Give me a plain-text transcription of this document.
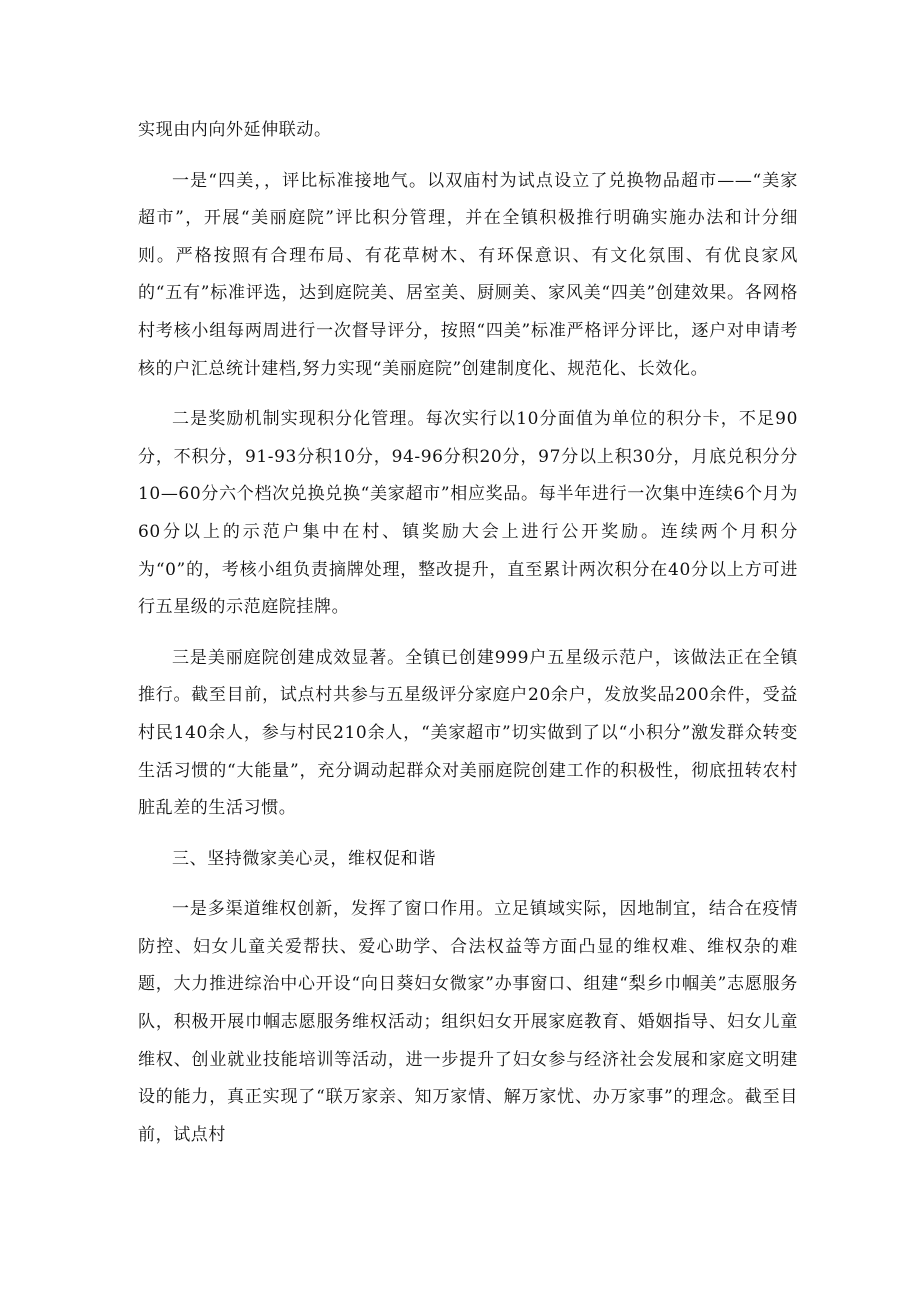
实现由内向外延伸联动。

一是“四美，，评比标准接地气。以双庙村为试点设立了兑换物品超市——“美家超市”，开展“美丽庭院”评比积分管理，并在全镇积极推行明确实施办法和计分细则。严格按照有合理布局、有花草树木、有环保意识、有文化氛围、有优良家风的“五有”标准评选，达到庭院美、居室美、厨厕美、家风美“四美”创建效果。各网格村考核小组每两周进行一次督导评分，按照“四美”标准严格评分评比，逐户对申请考核的户汇总统计建档,努力实现“美丽庭院”创建制度化、规范化、长效化。

二是奖励机制实现积分化管理。每次实行以10分面值为单位的积分卡，不足90分，不积分，91-93分积10分，94-96分积20分，97分以上积30分，月底兑积分分10—60分六个档次兑换兑换“美家超市”相应奖品。每半年进行一次集中连续6个月为60分以上的示范户集中在村、镇奖励大会上进行公开奖励。连续两个月积分为“0”的，考核小组负责摘牌处理，整改提升，直至累计两次积分在40分以上方可进行五星级的示范庭院挂牌。

三是美丽庭院创建成效显著。全镇已创建999户五星级示范户，该做法正在全镇推行。截至目前，试点村共参与五星级评分家庭户20余户，发放奖品200余件，受益村民140余人，参与村民210余人，“美家超市”切实做到了以“小积分”激发群众转变生活习惯的“大能量”，充分调动起群众对美丽庭院创建工作的积极性，彻底扭转农村脏乱差的生活习惯。

三、坚持微家美心灵，维权促和谐

一是多渠道维权创新，发挥了窗口作用。立足镇域实际，因地制宜，结合在疫情防控、妇女儿童关爱帮扶、爱心助学、合法权益等方面凸显的维权难、维权杂的难题，大力推进综治中心开设“向日葵妇女微家”办事窗口、组建“梨乡巾帼美”志愿服务队，积极开展巾帼志愿服务维权活动；组织妇女开展家庭教育、婚姻指导、妇女儿童维权、创业就业技能培训等活动，进一步提升了妇女参与经济社会发展和家庭文明建设的能力，真正实现了“联万家亲、知万家情、解万家忧、办万家事”的理念。截至目前，试点村
